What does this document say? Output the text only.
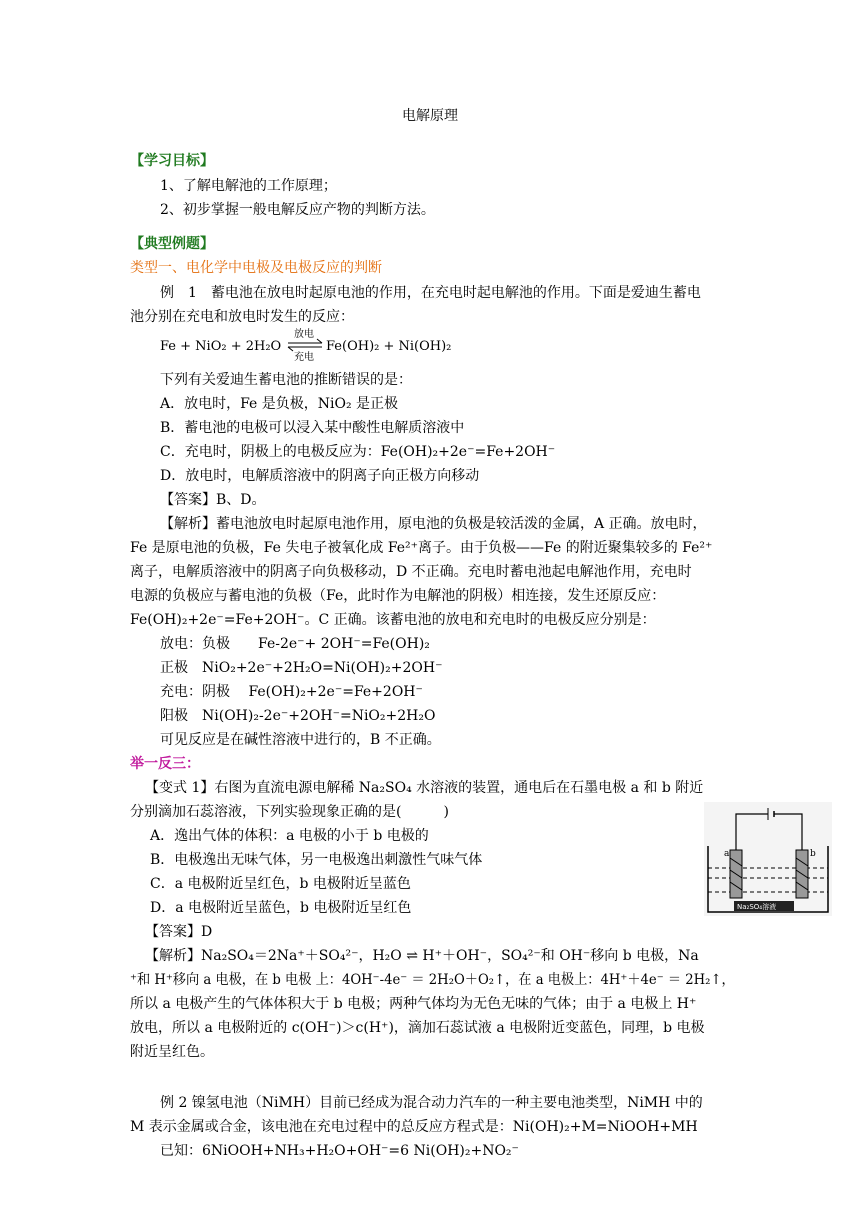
电解原理
【学习目标】
1、了解电解池的工作原理；
2、初步掌握一般电解反应产物的判断方法。
【典型例题】
类型一、电化学中电极及电极反应的判断
例　1　蓄电池在放电时起原电池的作用，在充电时起电解池的作用。下面是爱迪生蓄电
池分别在充电和放电时发生的反应：
Fe + NiO₂ + 2H₂O
放电
充电
Fe(OH)₂ + Ni(OH)₂
下列有关爱迪生蓄电池的推断错误的是：
A．放电时，Fe 是负极，NiO₂ 是正极
B．蓄电池的电极可以浸入某中酸性电解质溶液中
C．充电时，阴极上的电极反应为：Fe(OH)₂+2e⁻=Fe+2OH⁻
D．放电时，电解质溶液中的阴离子向正极方向移动
【答案】B、D。
【解析】蓄电池放电时起原电池作用，原电池的负极是较活泼的金属，A 正确。放电时，
Fe 是原电池的负极，Fe 失电子被氧化成 Fe²⁺离子。由于负极——Fe 的附近聚集较多的 Fe²⁺
离子，电解质溶液中的阴离子向负极移动，D 不正确。充电时蓄电池起电解池作用，充电时
电源的负极应与蓄电池的负极（Fe，此时作为电解池的阴极）相连接，发生还原反应：
Fe(OH)₂+2e⁻=Fe+2OH⁻。C 正确。该蓄电池的放电和充电时的电极反应分别是：
放电：负极　　Fe-2e⁻+ 2OH⁻=Fe(OH)₂
正极　NiO₂+2e⁻+2H₂O=Ni(OH)₂+2OH⁻
充电：阴极　 Fe(OH)₂+2e⁻=Fe+2OH⁻
阳极　Ni(OH)₂-2e⁻+2OH⁻=NiO₂+2H₂O
可见反应是在碱性溶液中进行的，B 不正确。
举一反三：
【变式 1】右图为直流电源电解稀 Na₂SO₄ 水溶液的装置，通电后在石墨电极 a 和 b 附近
分别滴加石蕊溶液，下列实验现象正确的是(　　　)
A．逸出气体的体积：a 电极的小于 b 电极的
B．电极逸出无味气体，另一电极逸出刺激性气味气体
C．a 电极附近呈红色，b 电极附近呈蓝色
D．a 电极附近呈蓝色，b 电极附近呈红色
【答案】D
a	b
Na₂SO₄溶液
【解析】Na₂SO₄＝2Na⁺＋SO₄²⁻，H₂O ⇌ H⁺＋OH⁻，SO₄²⁻和 OH⁻移向 b 电极，Na
⁺和 H⁺移向 a 电极，在 b 电极 上：4OH⁻-4e⁻ ＝ 2H₂O＋O₂↑，在 a 电极上：4H⁺＋4e⁻ ＝ 2H₂↑，
所以 a 电极产生的气体体积大于 b 电极；两种气体均为无色无味的气体；由于 a 电极上 H⁺
放电，所以 a 电极附近的 c(OH⁻)＞c(H⁺)，滴加石蕊试液 a 电极附近变蓝色，同理，b 电极
附近呈红色。
例 2 镍氢电池（NiMH）目前已经成为混合动力汽车的一种主要电池类型，NiMH 中的
M 表示金属或合金，该电池在充电过程中的总反应方程式是：Ni(OH)₂+M=NiOOH+MH
已知：6NiOOH+NH₃+H₂O+OH⁻=6 Ni(OH)₂+NO₂⁻
